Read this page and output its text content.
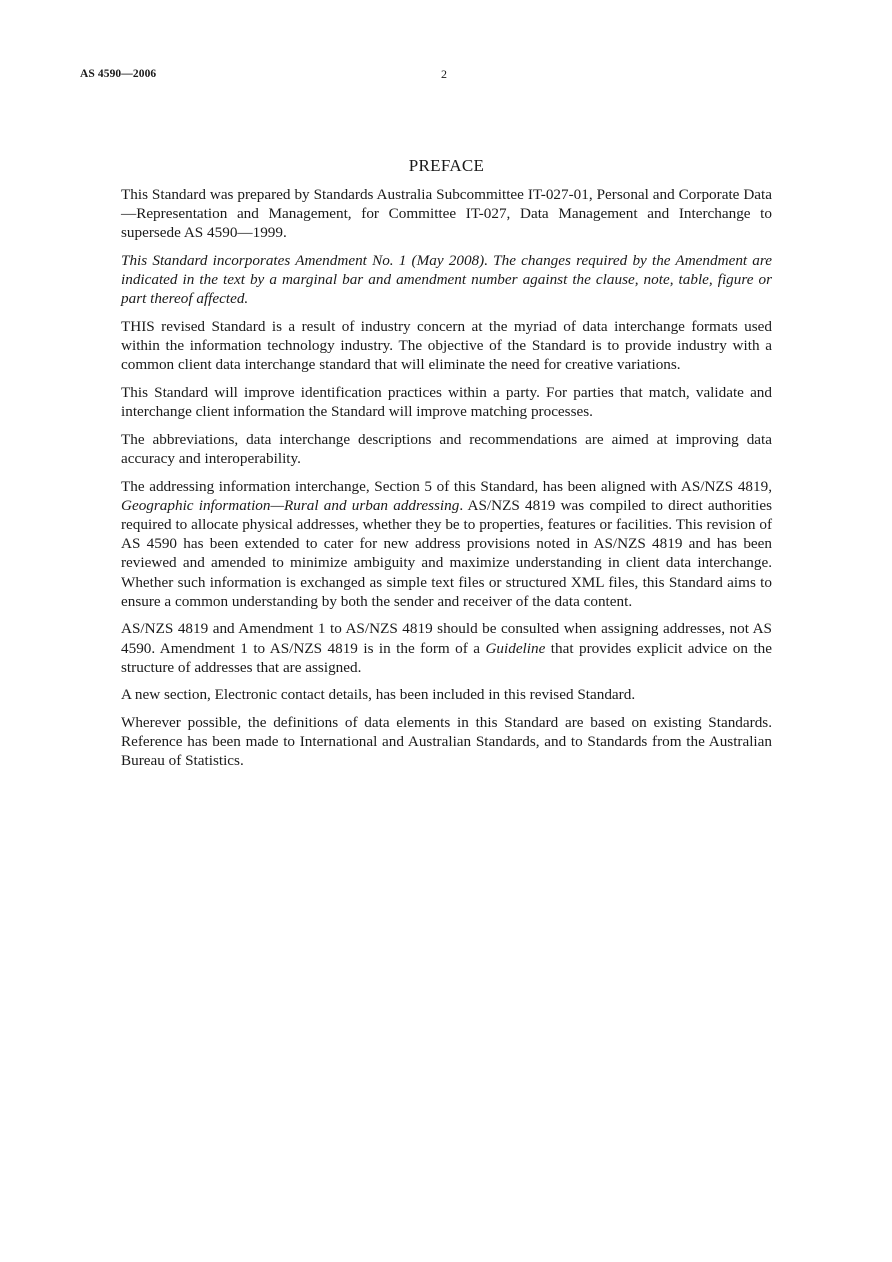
AS 4590—2006	2
PREFACE

This Standard was prepared by Standards Australia Subcommittee IT-027-01, Personal and Corporate Data—Representation and Management, for Committee IT-027, Data Management and Interchange to supersede AS 4590—1999.

This Standard incorporates Amendment No. 1 (May 2008). The changes required by the Amendment are indicated in the text by a marginal bar and amendment number against the clause, note, table, figure or part thereof affected.

THIS revised Standard is a result of industry concern at the myriad of data interchange formats used within the information technology industry. The objective of the Standard is to provide industry with a common client data interchange standard that will eliminate the need for creative variations.

This Standard will improve identification practices within a party. For parties that match, validate and interchange client information the Standard will improve matching processes.

The abbreviations, data interchange descriptions and recommendations are aimed at improving data accuracy and interoperability.

The addressing information interchange, Section 5 of this Standard, has been aligned with AS/NZS 4819, Geographic information—Rural and urban addressing. AS/NZS 4819 was compiled to direct authorities required to allocate physical addresses, whether they be to properties, features or facilities. This revision of AS 4590 has been extended to cater for new address provisions noted in AS/NZS 4819 and has been reviewed and amended to minimize ambiguity and maximize understanding in client data interchange. Whether such information is exchanged as simple text files or structured XML files, this Standard aims to ensure a common understanding by both the sender and receiver of the data content.

AS/NZS 4819 and Amendment 1 to AS/NZS 4819 should be consulted when assigning addresses, not AS 4590. Amendment 1 to AS/NZS 4819 is in the form of a Guideline that provides explicit advice on the structure of addresses that are assigned.

A new section, Electronic contact details, has been included in this revised Standard.

Wherever possible, the definitions of data elements in this Standard are based on existing Standards. Reference has been made to International and Australian Standards, and to Standards from the Australian Bureau of Statistics.
